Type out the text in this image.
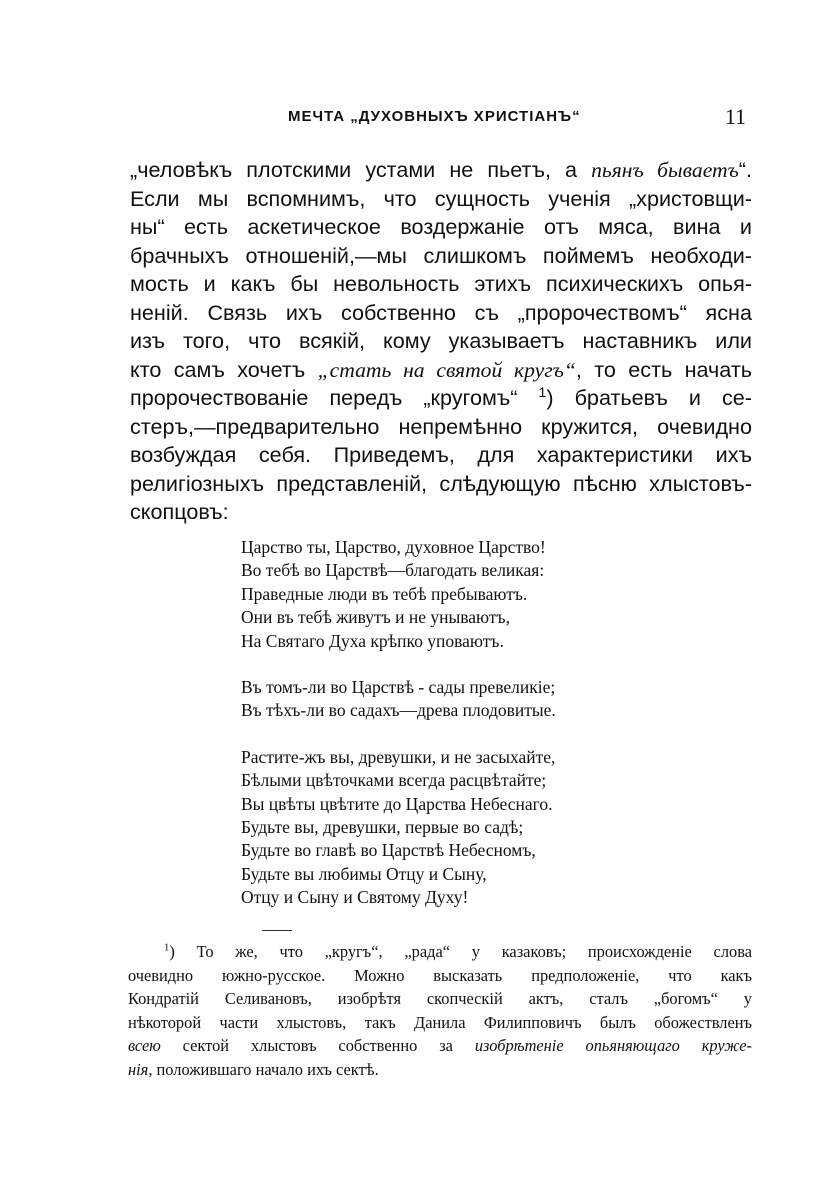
МЕЧТА „ДУХОВНЫХЪ ХРИСТІАНЪ“	11
„человѣкъ плотскими устами не пьетъ, а пьянъ бываетъ“.
Если мы вспомнимъ, что сущность ученія „христовщи-
ны“ есть аскетическое воздержаніе отъ мяса, вина и
брачныхъ отношеній,—мы слишкомъ поймемъ необходи-
мость и какъ бы невольность этихъ психическихъ опья-
неній. Связь ихъ собственно съ „пророчествомъ“ ясна
изъ того, что всякій, кому указываетъ наставникъ или
кто самъ хочетъ „стать на святой кругъ“, то есть начать
пророчествованіе передъ „кругомъ“ $^1$) братьевъ и се-
стеръ,—предварительно непремѣнно кружится, очевидно
возбуждая себя. Приведемъ, для характеристики ихъ
религіозныхъ представленій, слѣдующую пѣсню хлыстовъ-
скопцовъ:
Царство ты, Царство, духовное Царство!
Во тебѣ во Царствѣ—благодать великая:
Праведные люди въ тебѣ пребываютъ.
Они въ тебѣ живутъ и не унываютъ,
На Святаго Духа крѣпко уповаютъ.
Въ томъ-ли во Царствѣ - сады превеликіе;
Въ тѣхъ-ли во садахъ—древа плодовитые.
Растите-жъ вы, древушки, и не засыхайте,
Бѣлыми цвѣточками всегда расцвѣтайте;
Вы цвѣты цвѣтите до Царства Небеснаго.
Будьте вы, древушки, первые во садѣ;
Будьте во главѣ во Царствѣ Небесномъ,
Будьте вы любимы Отцу и Сыну,
Отцу и Сыну и Святому Духу!
$^1$) То же, что „кругъ“, „рада“ у казаковъ; происхожденіе слова
очевидно южно-русское. Можно высказать предположеніе, что какъ
Кондратій Селивановъ, изобрѣтя скопческій актъ, сталъ „богомъ“ у
нѣкоторой части хлыстовъ, такъ Данила Филипповичъ былъ обожествленъ
всею сектой хлыстовъ собственно за изобрѣтеніе опьяняющаго круже-
нія, положившаго начало ихъ сектѣ.
